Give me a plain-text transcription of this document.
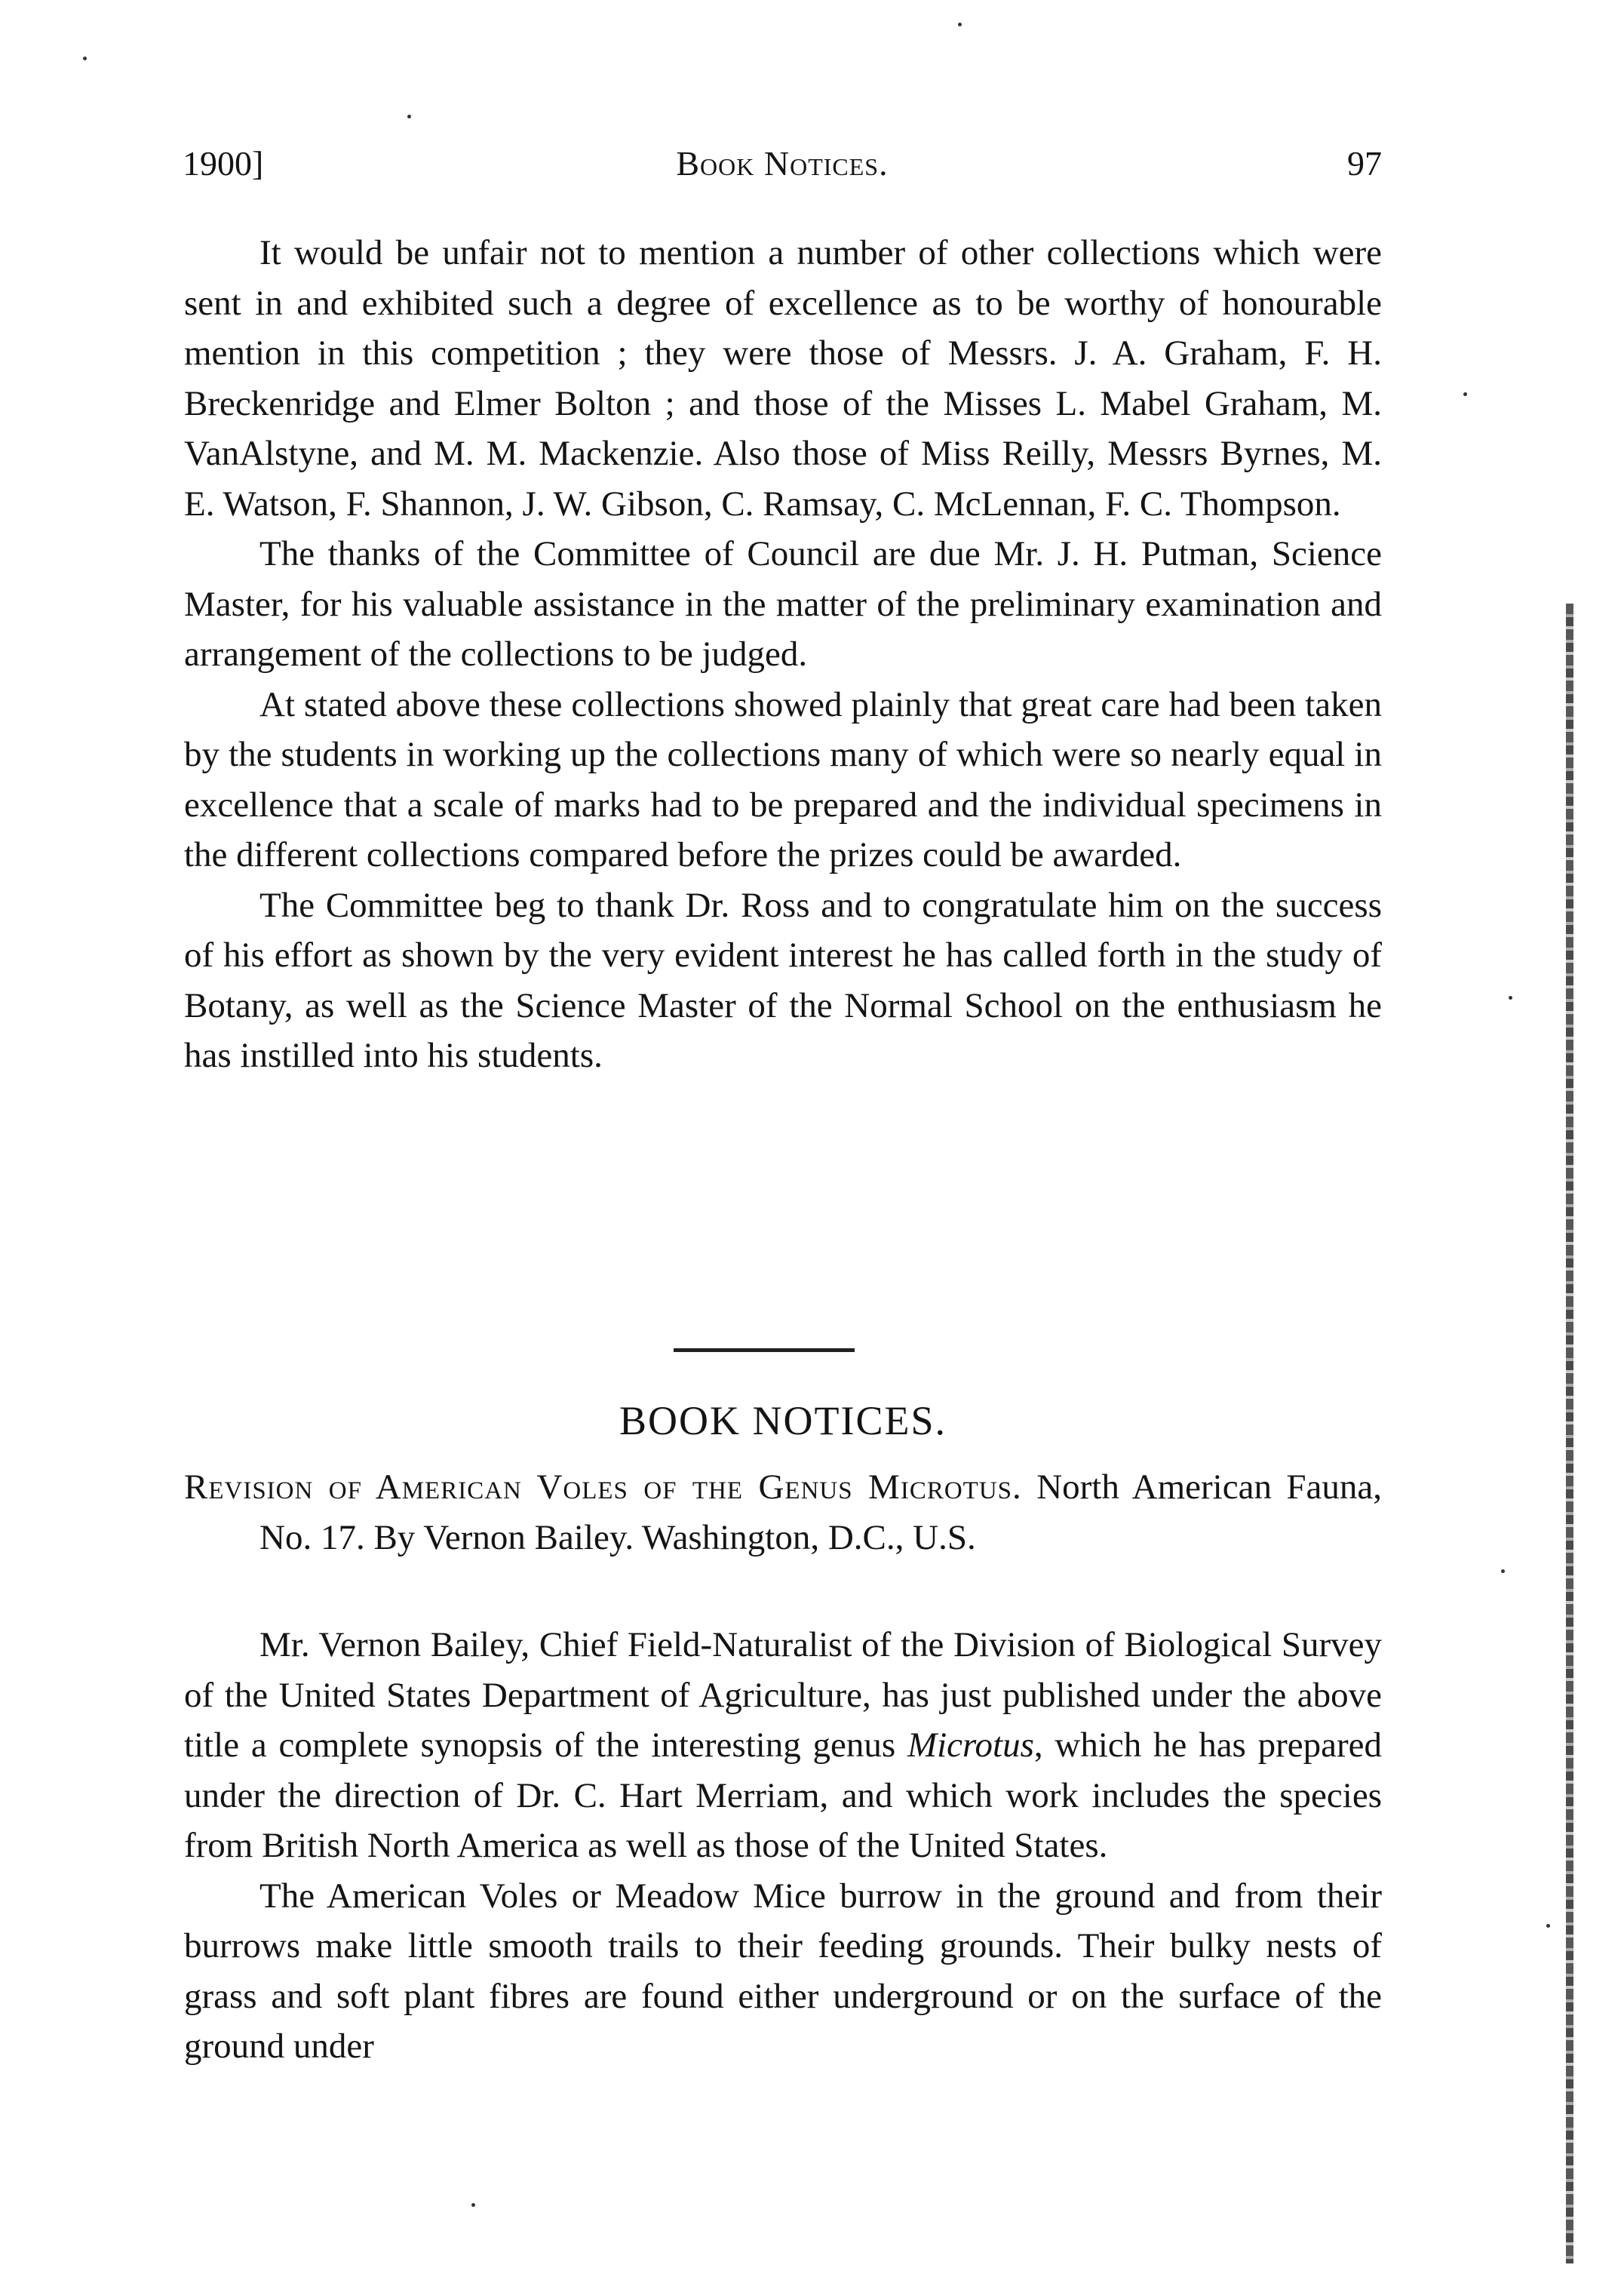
1900]	Book Notices.	97

It would be unfair not to mention a number of other collections which were sent in and exhibited such a degree of excellence as to be worthy of honourable mention in this competition ; they were those of Messrs. J. A. Graham, F. H. Breckenridge and Elmer Bolton ; and those of the Misses L. Mabel Graham, M. VanAlstyne, and M. M. Mackenzie. Also those of Miss Reilly, Messrs Byrnes, M. E. Watson, F. Shannon, J. W. Gibson, C. Ramsay, C. McLennan, F. C. Thompson.

The thanks of the Committee of Council are due Mr. J. H. Putman, Science Master, for his valuable assistance in the matter of the preliminary examination and arrangement of the collections to be judged.

At stated above these collections showed plainly that great care had been taken by the students in working up the collections many of which were so nearly equal in excellence that a scale of marks had to be prepared and the individual specimens in the different collections compared before the prizes could be awarded.

The Committee beg to thank Dr. Ross and to congratulate him on the success of his effort as shown by the very evident interest he has called forth in the study of Botany, as well as the Science Master of the Normal School on the enthusiasm he has instilled into his students.

BOOK NOTICES.
Revision of American Voles of the Genus Microtus. North American Fauna, No. 17. By Vernon Bailey. Washington, D.C., U.S.

Mr. Vernon Bailey, Chief Field-Naturalist of the Division of Biological Survey of the United States Department of Agriculture, has just published under the above title a complete synopsis of the interesting genus Microtus, which he has prepared under the direction of Dr. C. Hart Merriam, and which work includes the species from British North America as well as those of the United States.

The American Voles or Meadow Mice burrow in the ground and from their burrows make little smooth trails to their feeding grounds. Their bulky nests of grass and soft plant fibres are found either underground or on the surface of the ground under
